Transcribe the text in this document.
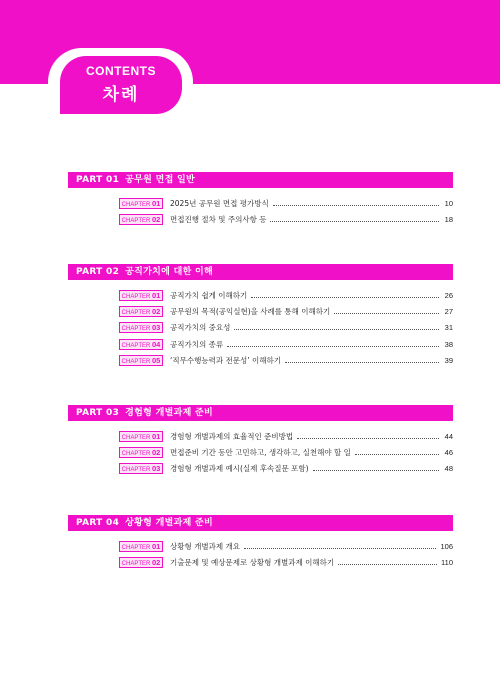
CONTENTS
차례
PART 01 공무원 면접 일반
CHAPTER 01	2025년 공무원 면접 평가방식	10
CHAPTER 02	면접진행 절차 및 주의사항 등	18
PART 02 공직가치에 대한 이해
CHAPTER 01	공직가치 쉽게 이해하기	26
CHAPTER 02	공무원의 목적(공익실현)을 사례를 통해 이해하기	27
CHAPTER 03	공직가치의 중요성	31
CHAPTER 04	공직가치의 종류	38
CHAPTER 05	‘직무수행능력과 전문성’ 이해하기	39
PART 03 경험형 개별과제 준비
CHAPTER 01	경험형 개별과제의 효율적인 준비방법	44
CHAPTER 02	면접준비 기간 동안 고민하고, 생각하고, 실천해야 할 일	46
CHAPTER 03	경험형 개별과제 예시(실제 후속질문 포함)	48
PART 04 상황형 개별과제 준비
CHAPTER 01	상황형 개별과제 개요	106
CHAPTER 02	기출문제 및 예상문제로 상황형 개별과제 이해하기	110
